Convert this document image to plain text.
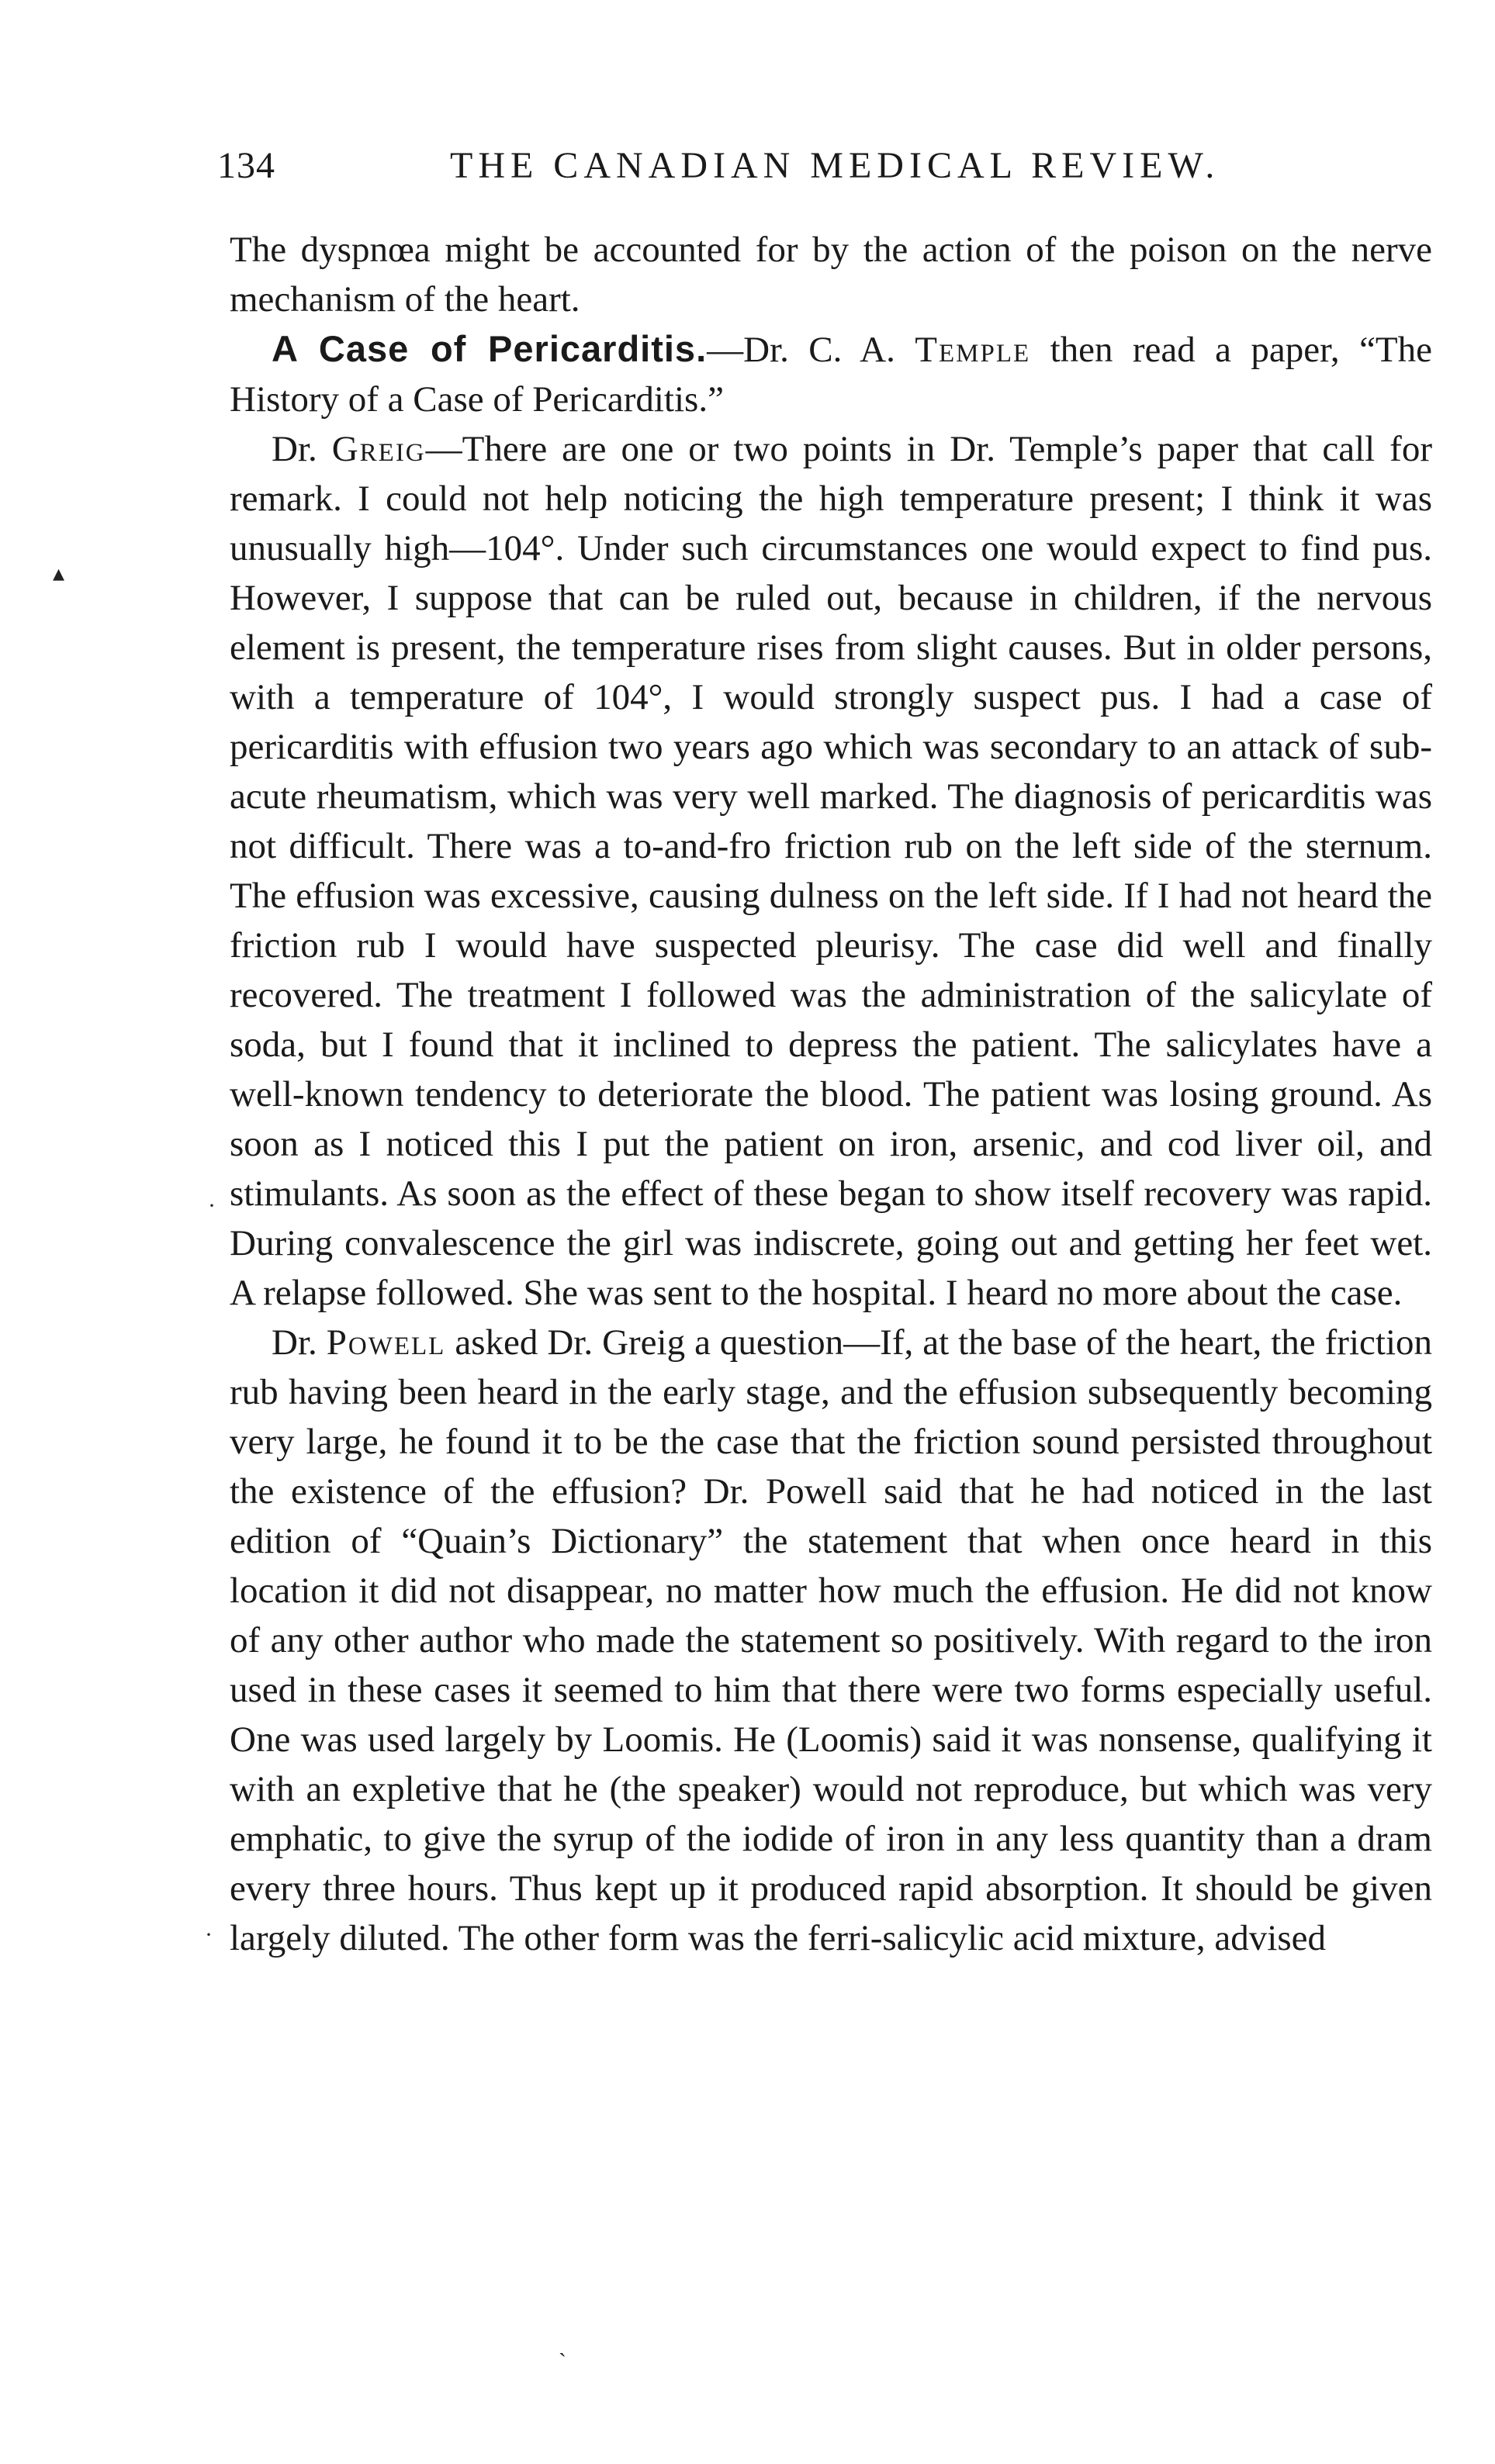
134	THE CANADIAN MEDICAL REVIEW.

The dyspnœa might be accounted for by the action of the poison on the nerve mechanism of the heart.

A Case of Pericarditis.—Dr. C. A. Temple then read a paper, “The History of a Case of Pericarditis.”

Dr. Greig—There are one or two points in Dr. Temple’s paper that call for remark. I could not help noticing the high temperature present; I think it was unusually high—104°. Under such circumstances one would expect to find pus. However, I suppose that can be ruled out, because in children, if the nervous element is present, the temperature rises from slight causes. But in older persons, with a temperature of 104°, I would strongly suspect pus. I had a case of pericarditis with effusion two years ago which was secondary to an attack of sub-acute rheumatism, which was very well marked. The diagnosis of pericarditis was not difficult. There was a to-and-fro friction rub on the left side of the sternum. The effusion was excessive, causing dulness on the left side. If I had not heard the friction rub I would have suspected pleurisy. The case did well and finally recovered. The treatment I followed was the administration of the salicylate of soda, but I found that it inclined to depress the patient. The salicylates have a well-known tendency to deteriorate the blood. The patient was losing ground. As soon as I noticed this I put the patient on iron, arsenic, and cod liver oil, and stimulants. As soon as the effect of these began to show itself recovery was rapid. During convalescence the girl was indiscrete, going out and getting her feet wet. A relapse followed. She was sent to the hospital. I heard no more about the case.

Dr. Powell asked Dr. Greig a question—If, at the base of the heart, the friction rub having been heard in the early stage, and the effusion subsequently becoming very large, he found it to be the case that the friction sound persisted throughout the existence of the effusion? Dr. Powell said that he had noticed in the last edition of “Quain’s Dictionary” the statement that when once heard in this location it did not disappear, no matter how much the effusion. He did not know of any other author who made the statement so positively. With regard to the iron used in these cases it seemed to him that there were two forms especially useful. One was used largely by Loomis. He (Loomis) said it was nonsense, qualifying it with an expletive that he (the speaker) would not reproduce, but which was very emphatic, to give the syrup of the iodide of iron in any less quantity than a dram every three hours. Thus kept up it produced rapid absorption. It should be given largely diluted. The other form was the ferri-salicylic acid mixture, advised

▴
·
·
ˏ
